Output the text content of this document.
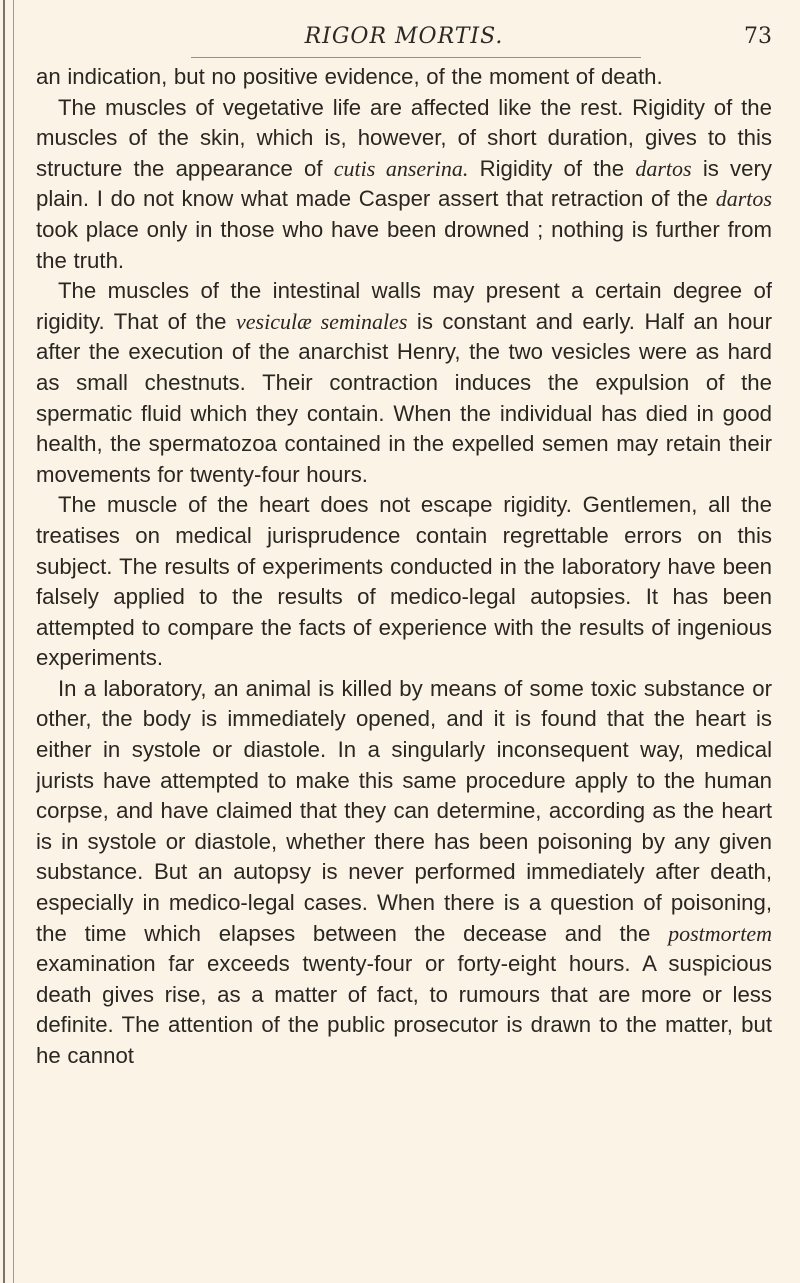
RIGOR MORTIS.	73

an indication, but no positive evidence, of the moment of death.

The muscles of vegetative life are affected like the rest. Rigidity of the muscles of the skin, which is, however, of short duration, gives to this structure the appearance of cutis anserina. Rigidity of the dartos is very plain. I do not know what made Casper assert that retraction of the dartos took place only in those who have been drowned ; nothing is further from the truth.

The muscles of the intestinal walls may present a certain degree of rigidity. That of the vesiculæ seminales is constant and early. Half an hour after the execution of the anarchist Henry, the two vesicles were as hard as small chestnuts. Their contraction induces the expulsion of the spermatic fluid which they contain. When the individual has died in good health, the spermatozoa contained in the expelled semen may retain their movements for twenty-four hours.

The muscle of the heart does not escape rigidity. Gentlemen, all the treatises on medical jurisprudence contain regrettable errors on this subject. The results of experiments conducted in the laboratory have been falsely applied to the results of medico-legal autopsies. It has been attempted to compare the facts of experience with the results of ingenious experiments.

In a laboratory, an animal is killed by means of some toxic substance or other, the body is immediately opened, and it is found that the heart is either in systole or diastole. In a singularly inconsequent way, medical jurists have attempted to make this same procedure apply to the human corpse, and have claimed that they can determine, according as the heart is in systole or diastole, whether there has been poisoning by any given substance. But an autopsy is never performed immediately after death, especially in medico-legal cases. When there is a question of poisoning, the time which elapses between the decease and the postmortem examination far exceeds twenty-four or forty-eight hours. A suspicious death gives rise, as a matter of fact, to rumours that are more or less definite. The attention of the public prosecutor is drawn to the matter, but he cannot
